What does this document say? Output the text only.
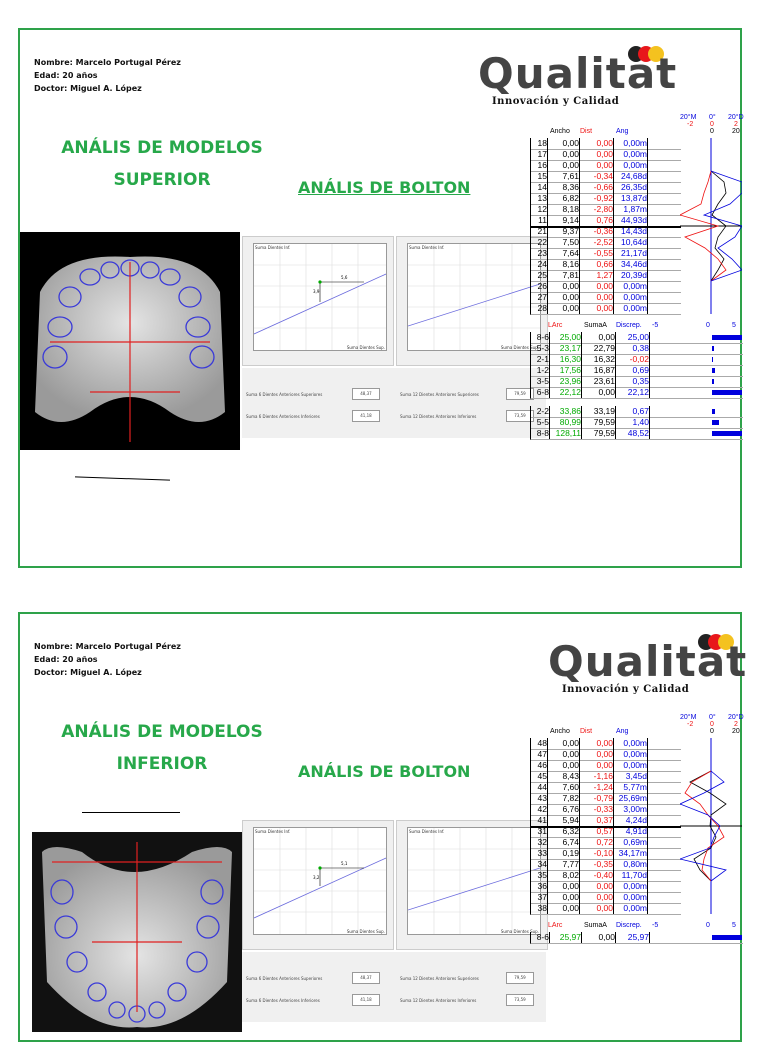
Nombre: Marcelo Portugal Pérez
Edad: 20 años
Doctor: Miguel A. López	Qualitat
Innovación y Calidad
ANÁLIS DE MODELOS
SUPERIOR	ANÁLIS DE BOLTON
Suma Dientes Inf.
Suma Dientes Sup.
5,6
3,9
Suma Dientes Inf.
Suma Dientes Sup.
Suma 6 Dientes Anteriores Superiores	48,37
Suma 6 Dientes Anteriores Inferiores	41,18
Suma 12 Dientes Anteriores Superiores	79,59
Suma 12 Dientes Anteriores Inferiores	73,59
20°M
-2
0°
0
0
20°D
2
20
Ancho Dist	Ang
18	0,00	0,00	0,00m
17	0,00	0,00	0,00m
16	0,00	0,00	0,00m
15	7,61	-0,34 24,68d
14	8,36	-0,66 26,35d
13	6,82	-0,92 13,87d
12	8,18	-2,80	1,87m
11	9,14	0,76 44,93d
21	9,37	-0,36 14,43d
22	7,50	-2,52 10,64d
23	7,64	-0,55 21,17d
24	8,16	0,66 34,46d
25	7,81	1,27 20,39d
26	0,00	0,00	0,00m
27	0,00	0,00	0,00m
28	0,00	0,00	0,00m
LArc	SumaA Discrep. -5	0	5
8-6	25,00	0,00	25,00
5-3	23,17	22,79	0,38
2-1	16,30	16,32	-0,02
1-2	17,56	16,87	0,69
3-5	23,96	23,61	0,35
6-8	22,12	0,00	22,12
2-2	33,86	33,19	0,67
5-5	80,99	79,59	1,40
8-8 128,11	79,59	48,52
Nombre: Marcelo Portugal Pérez
Edad: 20 años
Doctor: Miguel A. López	Qualitat
Innovación y Calidad
ANÁLIS DE MODELOS
INFERIOR	ANÁLIS DE BOLTON
Suma Dientes Inf.
Suma Dientes Sup.
5,1
3,2
Suma Dientes Inf.
Suma Dientes Sup.
Suma 6 Dientes Anteriores Superiores	48,37
Suma 6 Dientes Anteriores Inferiores	41,18
Suma 12 Dientes Anteriores Superiores	79,59
Suma 12 Dientes Anteriores Inferiores	73,59
20°M
-2
0°
0
0
20°D
2
20
Ancho Dist	Ang
48	0,00	0,00	0,00m
47	0,00	0,00	0,00m
46	0,00	0,00	0,00m
45	8,43	-1,16	3,45d
44	7,60	-1,24	5,77m
43	7,82	-0,79 25,69m
42	6,76	-0,33	3,00m
41	5,94	0,37	4,24d
31	6,32	0,57	4,91d
32	6,74	0,72	0,69m
33	0,19	-0,10 34,17m
34	7,77	-0,35	0,80m
35	8,02	-0,40	11,70d
36	0,00	0,00	0,00m
37	0,00	0,00	0,00m
38	0,00	0,00	0,00m
LArc	SumaA Discrep. -5	0	5
8-6	25,97	0,00	25,97
